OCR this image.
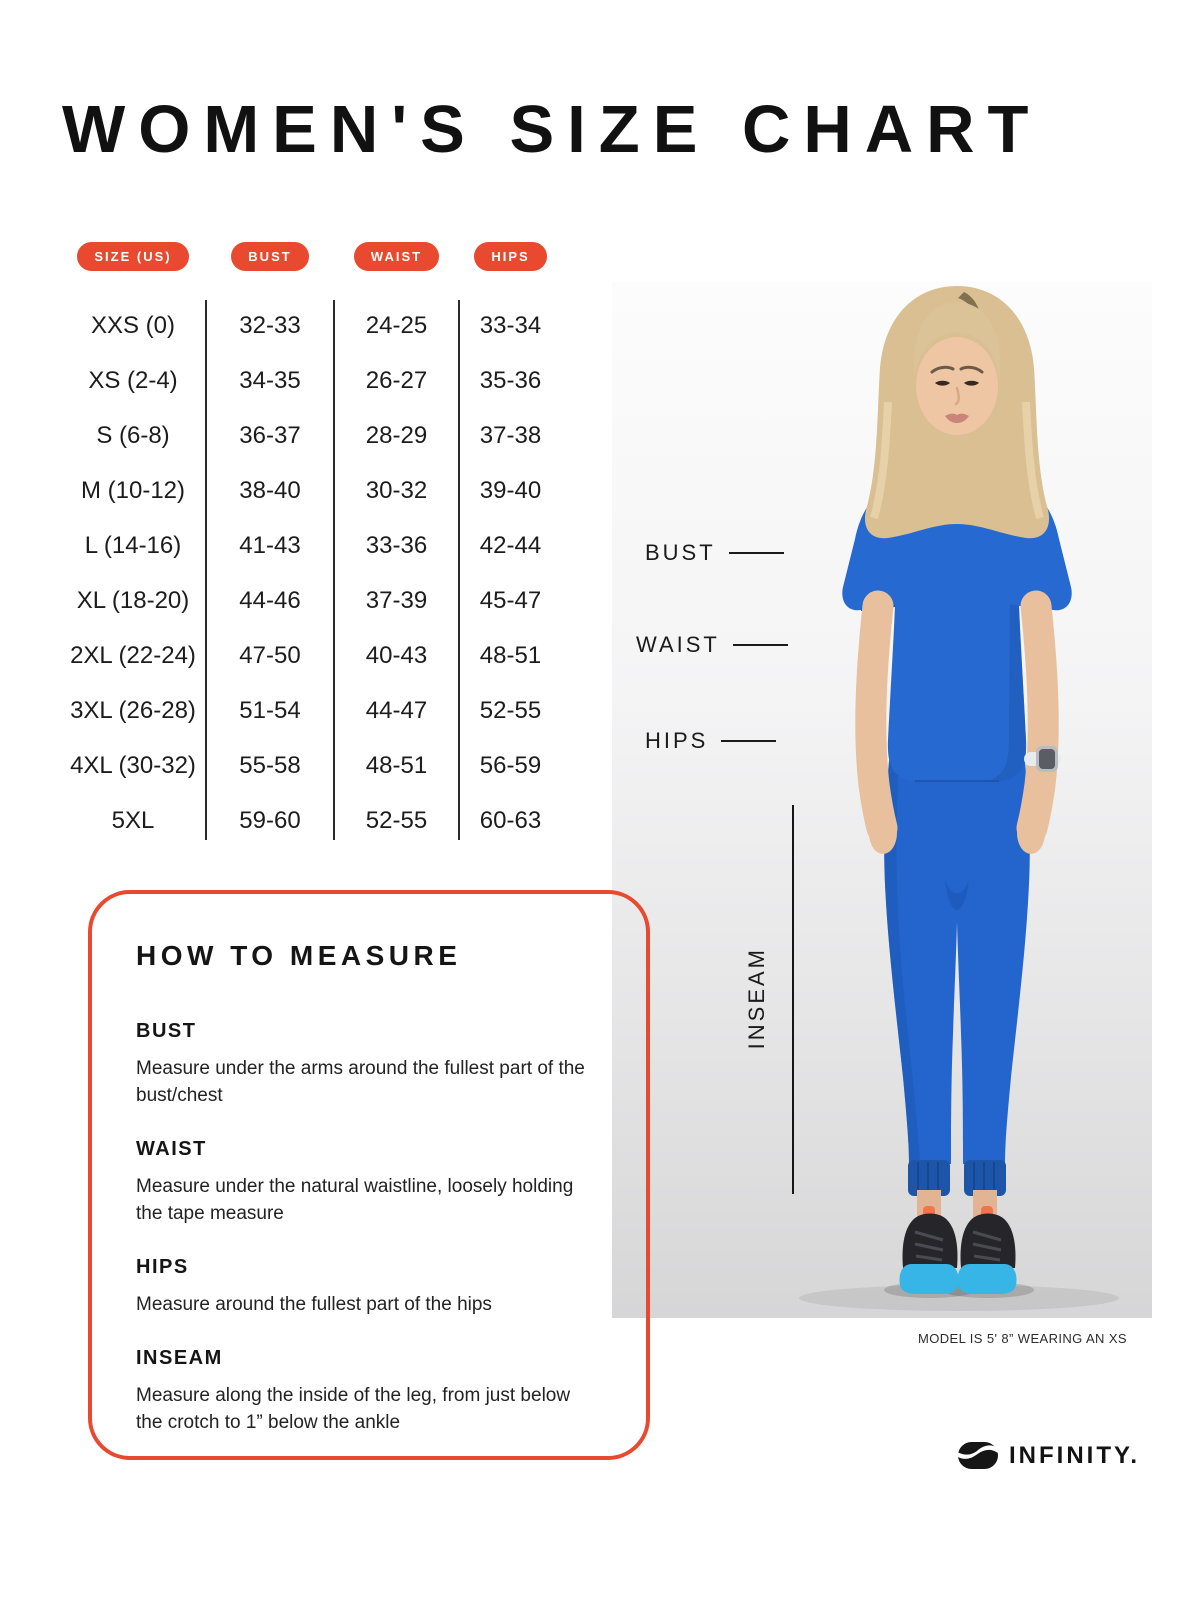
WOMEN'S SIZE CHART
SIZE (US)	BUST	WAIST	HIPS
XXS (0)	32-33	24-25	33-34
XS (2-4)	34-35	26-27	35-36
S (6-8)	36-37	28-29	37-38
M (10-12)	38-40	30-32	39-40
L (14-16)	41-43	33-36	42-44
XL (18-20)	44-46	37-39	45-47
2XL (22-24)	47-50	40-43	48-51
3XL (26-28)	51-54	44-47	52-55
4XL (30-32)	55-58	48-51	56-59
5XL	59-60	52-55	60-63
BUST
WAIST
HIPS
INSEAM
MODEL IS 5' 8” WEARING AN XS
HOW TO MEASURE

BUST

Measure under the arms around the fullest part of the bust/chest

WAIST

Measure under the natural waistline, loosely holding the tape measure

HIPS

Measure around the fullest part of the hips

INSEAM

Measure along the inside of the leg, from just below the crotch to 1” below the ankle

INFINITY.
